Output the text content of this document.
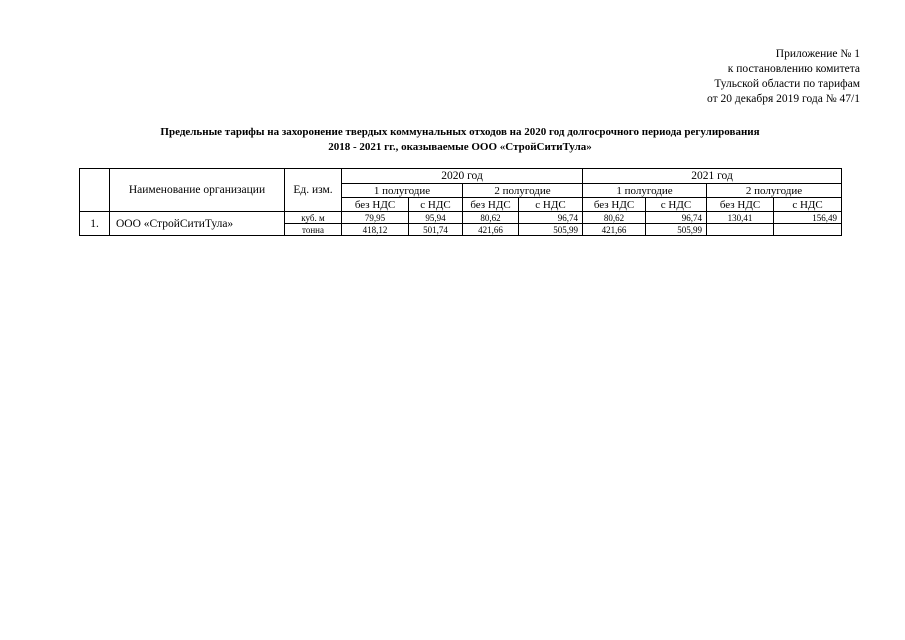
Приложение № 1
к постановлению комитета
Тульской области по тарифам
от 20 декабря 2019 года № 47/1
Предельные тарифы на захоронение твердых коммунальных отходов на 2020 год долгосрочного периода регулирования
2018 - 2021 гг., оказываемые ООО «СтройСитиТула»
	Наименование организации	Ед. изм.	2020 год				2021 год			
			1 полугодие		2 полугодие		1 полугодие		2 полугодие	
			без НДС	с НДС	без НДС	с НДС	без НДС	с НДС	без НДС	с НДС
1.	ООО «СтройСитиТула»	куб. м	79,95	95,94	80,62	96,74	80,62	96,74	130,41	156,49
		тонна	418,12	501,74	421,66	505,99	421,66	505,99		
